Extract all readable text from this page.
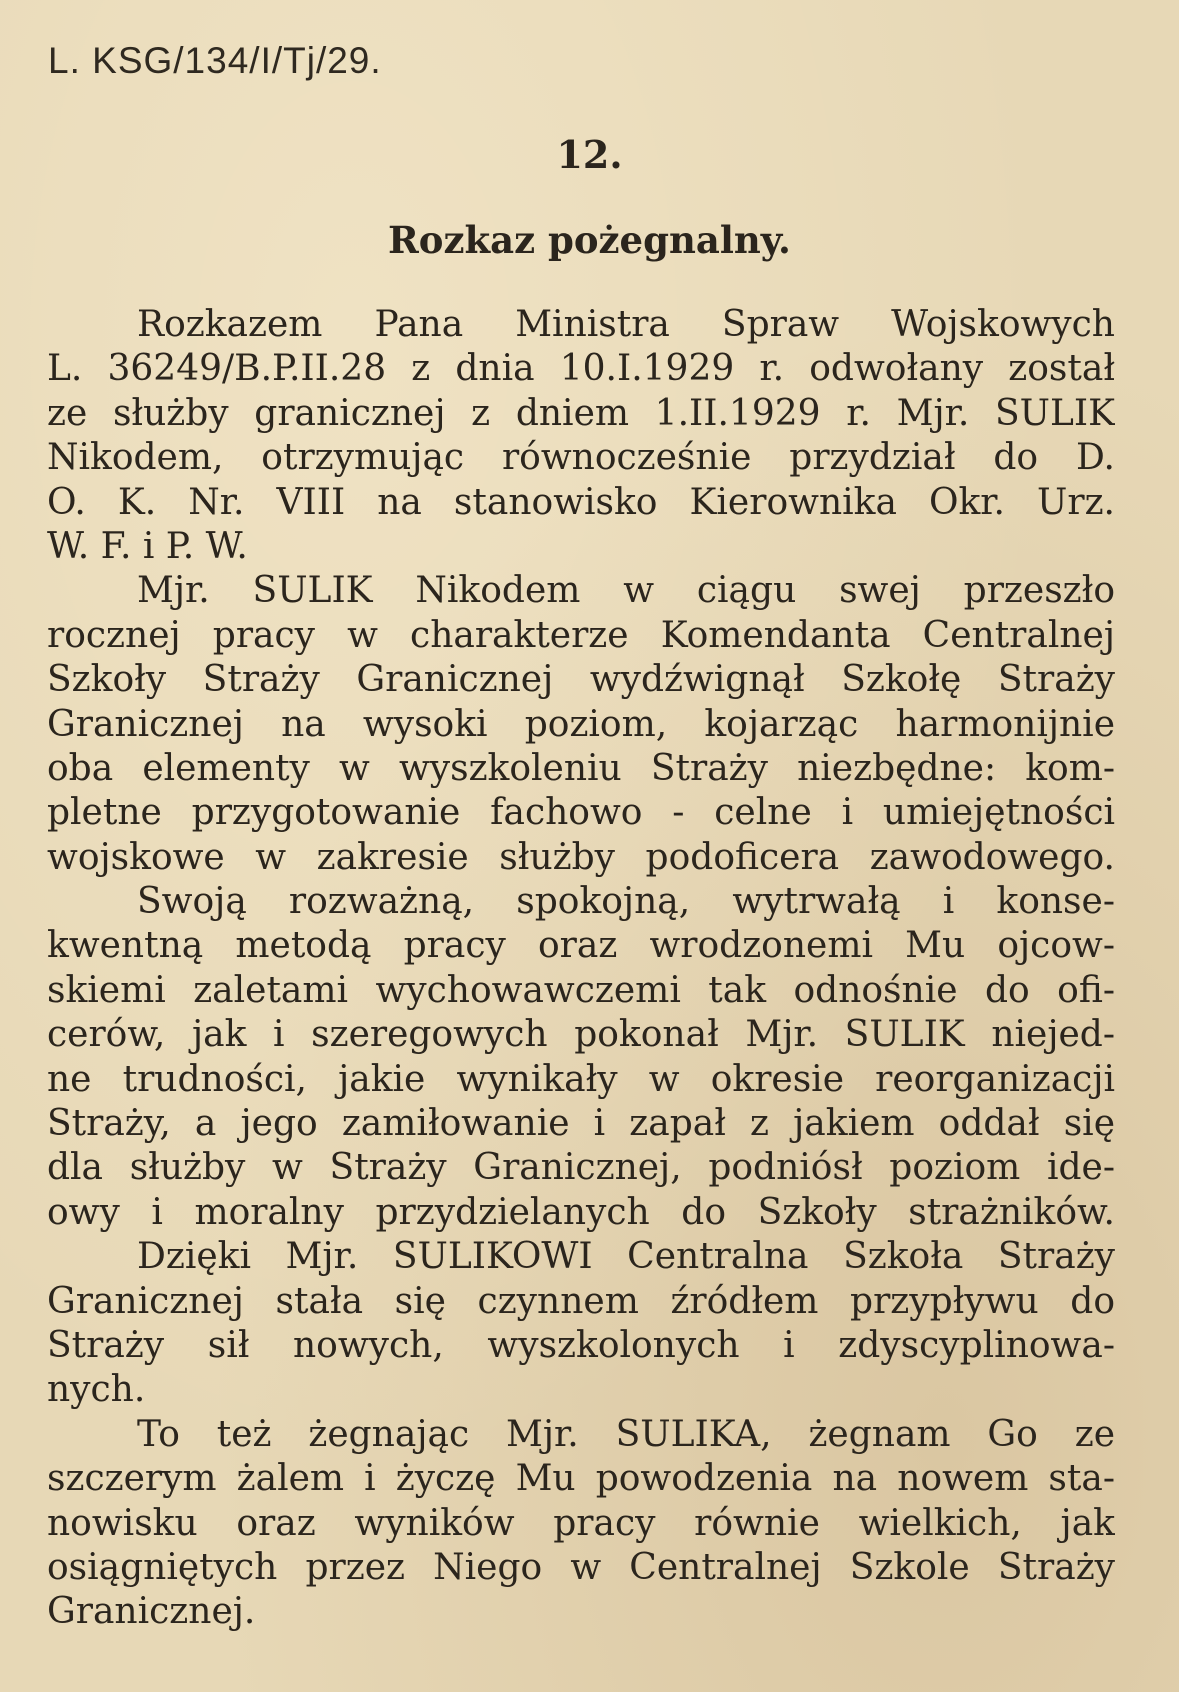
L. KSG/134/I/Tj/29.
12.
Rozkaz pożegnalny.
Rozkazem Pana Ministra Spraw Wojskowych
L. 36249/B.P.II.28 z dnia 10.I.1929 r. odwołany został
ze służby granicznej z dniem 1.II.1929 r. Mjr. SULIK
Nikodem, otrzymując równocześnie przydział do D.
O. K. Nr. VIII na stanowisko Kierownika Okr. Urz.
W. F. i P. W.
Mjr. SULIK Nikodem w ciągu swej przeszło
rocznej pracy w charakterze Komendanta Centralnej
Szkoły Straży Granicznej wydźwignął Szkołę Straży
Granicznej na wysoki poziom, kojarząc harmonijnie
oba elementy w wyszkoleniu Straży niezbędne: kom-
pletne przygotowanie fachowo - celne i umiejętności
wojskowe w zakresie służby podoficera zawodowego.
Swoją rozważną, spokojną, wytrwałą i konse-
kwentną metodą pracy oraz wrodzonemi Mu ojcow-
skiemi zaletami wychowawczemi tak odnośnie do ofi-
cerów, jak i szeregowych pokonał Mjr. SULIK niejed-
ne trudności, jakie wynikały w okresie reorganizacji
Straży, a jego zamiłowanie i zapał z jakiem oddał się
dla służby w Straży Granicznej, podniósł poziom ide-
owy i moralny przydzielanych do Szkoły strażników.
Dzięki Mjr. SULIKOWI Centralna Szkoła Straży
Granicznej stała się czynnem źródłem przypływu do
Straży sił nowych, wyszkolonych i zdyscyplinowa-
nych.
To też żegnając Mjr. SULIKA, żegnam Go ze
szczerym żalem i życzę Mu powodzenia na nowem sta-
nowisku oraz wyników pracy równie wielkich, jak
osiągniętych przez Niego w Centralnej Szkole Straży
Granicznej.
